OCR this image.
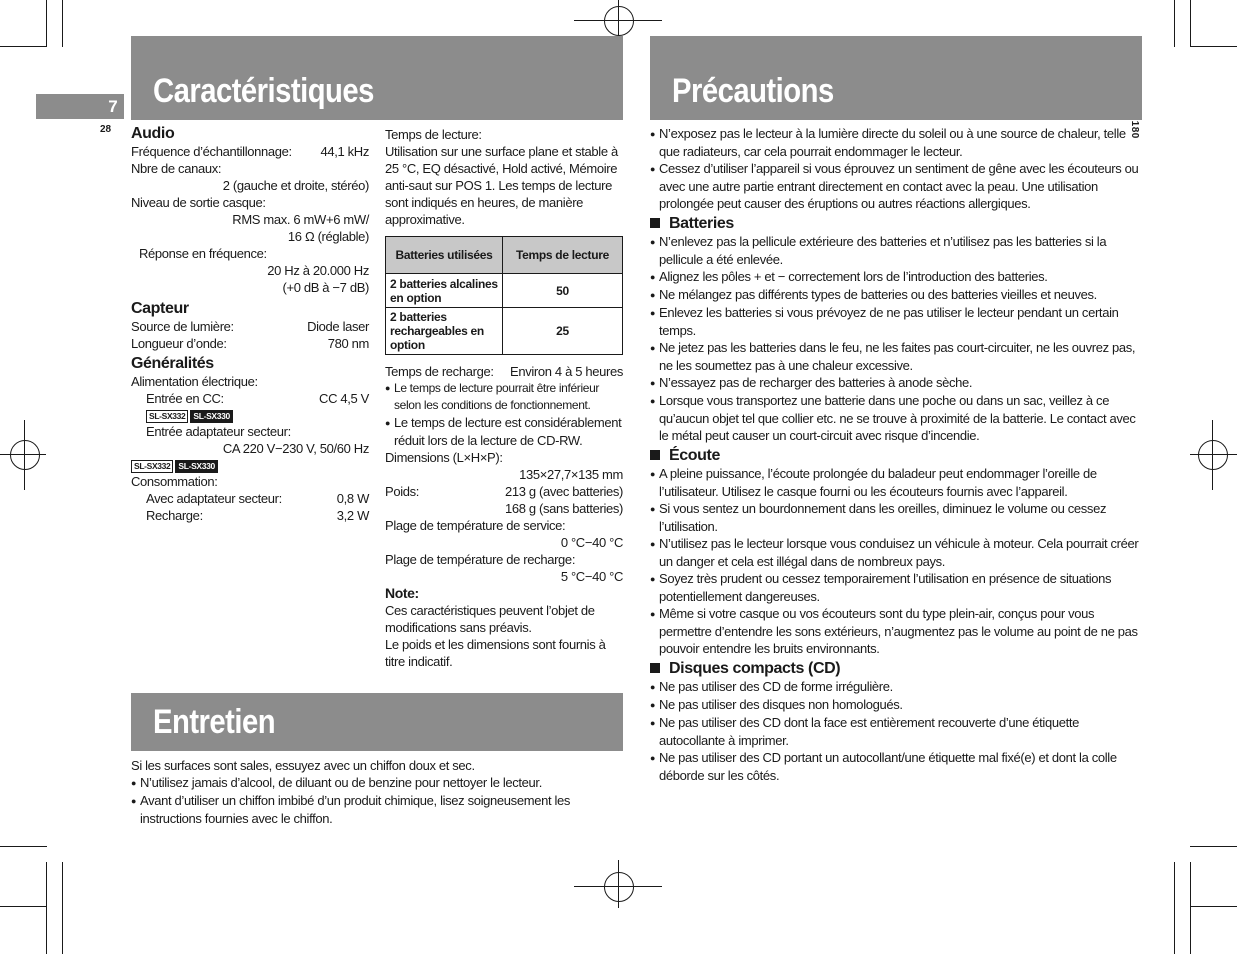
7
28
Caractéristiques	Précautions
Entretien
Audio
Fréquence d’échantillonnage: 44,1 kHz
Nbre de canaux:
2 (gauche et droite, stéréo)
Niveau de sortie casque:
RMS max. 6 mW+6 mW/
16 Ω (réglable)
Réponse en fréquence:
20 Hz à 20.000 Hz
(+0 dB à −7 dB)
Capteur
Source de lumière:	Diode laser
Longueur d’onde:	780 nm
Généralités
Alimentation électrique:
Entrée en CC:	CC 4,5 V
SL-SX332 SL-SX330
Entrée adaptateur secteur:
CA 220 V−230 V, 50/60 Hz
SL-SX332 SL-SX330
Consommation:
Avec adaptateur secteur:	0,8 W
Recharge:	3,2 W
Temps de lecture:
Utilisation sur une surface plane et stable à 25 °C, EQ désactivé, Hold activé, Mémoire anti-saut sur POS 1. Les temps de lecture sont indiqués en heures, de manière approximative.
Batteries utilisées	Temps de lecture
2 batteries alcalines en option	50
2 batteries rechargeables en option	25
Temps de recharge: Environ 4 à 5 heures
● Le temps de lecture pourrait être inférieur selon les conditions de fonctionnement.
● Le temps de lecture est considérablement réduit lors de la lecture de CD-RW.
Dimensions (L×H×P):
135×27,7×135 mm
Poids:	213 g (avec batteries)
168 g (sans batteries)
Plage de température de service:
0 °C−40 °C
Plage de température de recharge:
5 °C−40 °C
Note:
Ces caractéristiques peuvent l’objet de modifications sans préavis.
Le poids et les dimensions sont fournis à titre indicatif.
Si les surfaces sont sales, essuyez avec un chiffon doux et sec.
● N’utilisez jamais d’alcool, de diluant ou de benzine pour nettoyer le lecteur.
● Avant d’utiliser un chiffon imbibé d’un produit chimique, lisez soigneusement les instructions fournies avec le chiffon.
● N’exposez pas le lecteur à la lumière directe du soleil ou à une source de chaleur, telle que radiateurs, car cela pourrait endommager le lecteur.
● Cessez d’utiliser l’appareil si vous éprouvez un sentiment de gêne avec les écouteurs ou avec une autre partie entrant directement en contact avec la peau. Une utilisation prolongée peut causer des éruptions ou autres réactions allergiques.
Batteries
● N’enlevez pas la pellicule extérieure des batteries et n’utilisez pas les batteries si la pellicule a été enlevée.
● Alignez les pôles + et − correctement lors de l’introduction des batteries.
● Ne mélangez pas différents types de batteries ou des batteries vieilles et neuves.
● Enlevez les batteries si vous prévoyez de ne pas utiliser le lecteur pendant un certain temps.
● Ne jetez pas les batteries dans le feu, ne les faites pas court-circuiter, ne les ouvrez pas, ne les soumettez pas à une chaleur excessive.
● N’essayez pas de recharger des batteries à anode sèche.
● Lorsque vous transportez une batterie dans une poche ou dans un sac, veillez à ce qu’aucun objet tel que collier etc. ne se trouve à proximité de la batterie. Le contact avec le métal peut causer un court-circuit avec risque d’incendie.
Écoute
● A pleine puissance, l’écoute prolongée du baladeur peut endommager l’oreille de l’utilisateur. Utilisez le casque fourni ou les écouteurs fournis avec l’appareil.
● Si vous sentez un bourdonnement dans les oreilles, diminuez le volume ou cessez l’utilisation.
● N’utilisez pas le lecteur lorsque vous conduisez un véhicule à moteur. Cela pourrait créer un danger et cela est illégal dans de nombreux pays.
● Soyez très prudent ou cessez temporairement l’utilisation en présence de situations potentiellement dangereuses.
● Même si votre casque ou vos écouteurs sont du type plein-air, conçus pour vous permettre d’entendre les sons extérieurs, n’augmentez pas le volume au point de ne pas pouvoir entendre les bruits environnants.
Disques compacts (CD)
● Ne pas utiliser des CD de forme irrégulière.
● Ne pas utiliser des disques non homologués.
● Ne pas utiliser des CD dont la face est entièrement recouverte d’une étiquette autocollante à imprimer.
● Ne pas utiliser des CD portant un autocollant/une étiquette mal fixé(e) et dont la colle déborde sur les côtés.
